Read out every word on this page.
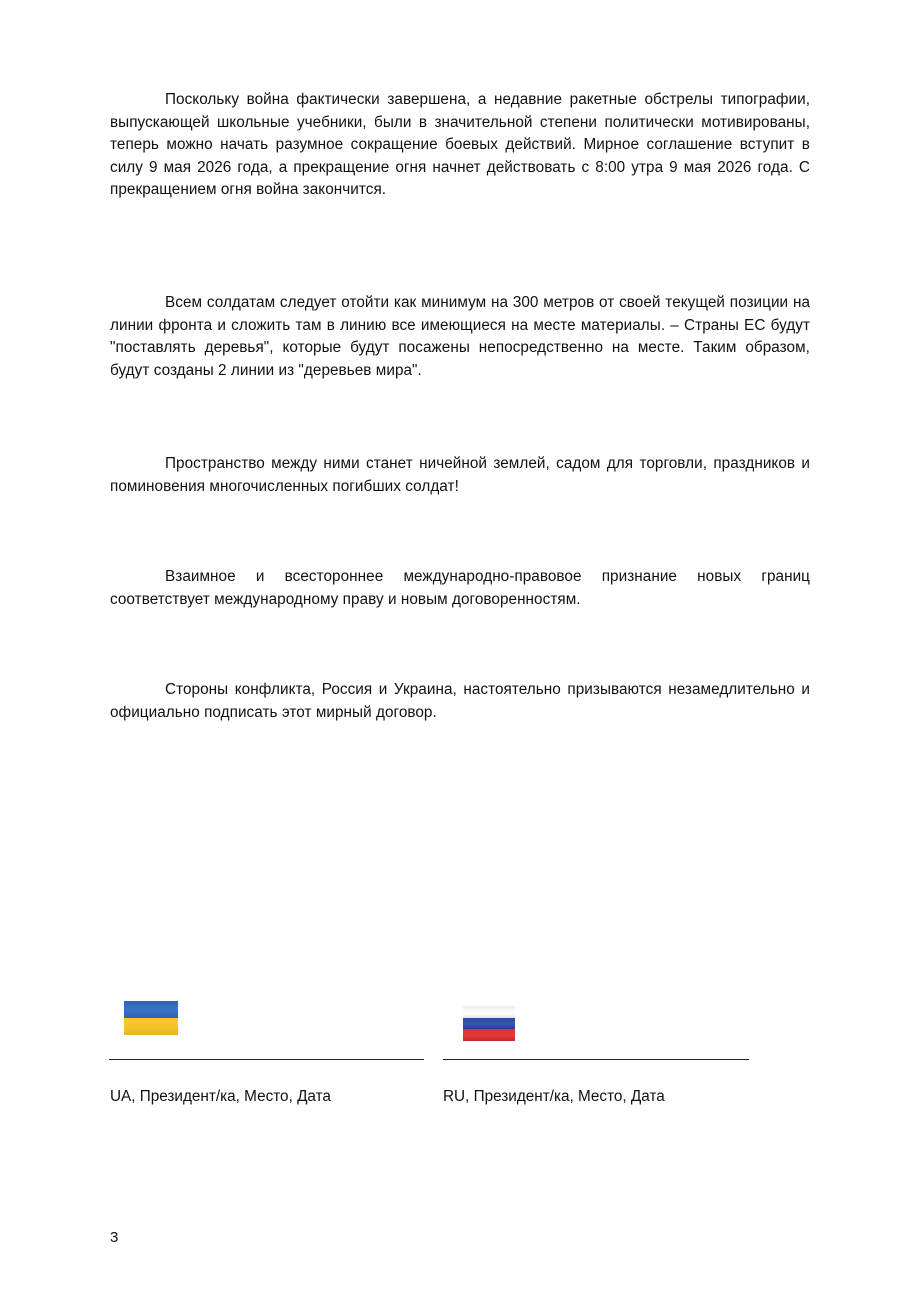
Поскольку война фактически завершена, а недавние ракетные обстрелы типографии, выпускающей школьные учебники, были в значительной степени политически мотивированы, теперь можно начать разумное сокращение боевых действий. Мирное соглашение вступит в силу 9 мая 2026 года, а прекращение огня начнет действовать с 8:00 утра 9 мая 2026 года. С прекращением огня война закончится.

Всем солдатам следует отойти как минимум на 300 метров от своей текущей позиции на линии фронта и сложить там в линию все имеющиеся на месте материалы. – Страны ЕС будут "поставлять деревья", которые будут посажены непосредственно на месте. Таким образом, будут созданы 2 линии из "деревьев мира".

Пространство между ними станет ничейной землей, садом для торговли, праздников и поминовения многочисленных погибших солдат!

Взаимное и всестороннее международно-правовое признание новых границ соответствует международному праву и новым договоренностям.

Стороны конфликта, Россия и Украина, настоятельно призываются незамедлительно и официально подписать этот мирный договор.

UA, Президент/ка, Место, Дата	RU, Президент/ка, Место, Дата
3
